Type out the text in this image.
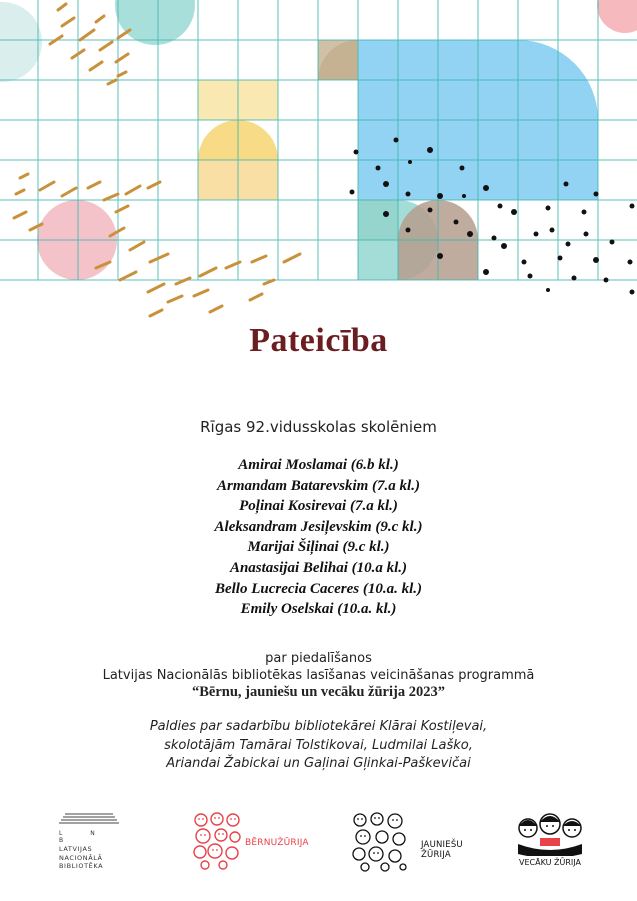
Pateicība
Rīgas 92.vidusskolas skolēniem
Amirai Moslamai (6.b kl.)
Armandam Batarevskim (7.a kl.)
Poļinai Kosirevai (7.a kl.)
Aleksandram Jesiļevskim (9.c kl.)
Marijai Šiļinai (9.c kl.)
Anastasijai Belihai (10.a kl.)
Bello Lucrecia Caceres (10.a. kl.)
Emily Oselskai (10.a. kl.)
par piedalīšanos
Latvijas Nacionālās bibliotēkas lasīšanas veicināšanas programmā
“Bērnu, jauniešu un vecāku žūrija 2023”
Paldies par sadarbību bibliotekārei Klārai Kostiļevai,
skolotājām Tamārai Tolstikovai, Ludmilai Laško,
Ariandai Žabickai un Gaļinai Gļinkai-Paškevičai
L N B
LATVIJAS
NACIONĀLĀ
BIBLIOTĒKA
BĒRNUŽŪRIJA	JAUNIEŠU ŽŪRIJA
VECĀKU ŽŪRIJA
